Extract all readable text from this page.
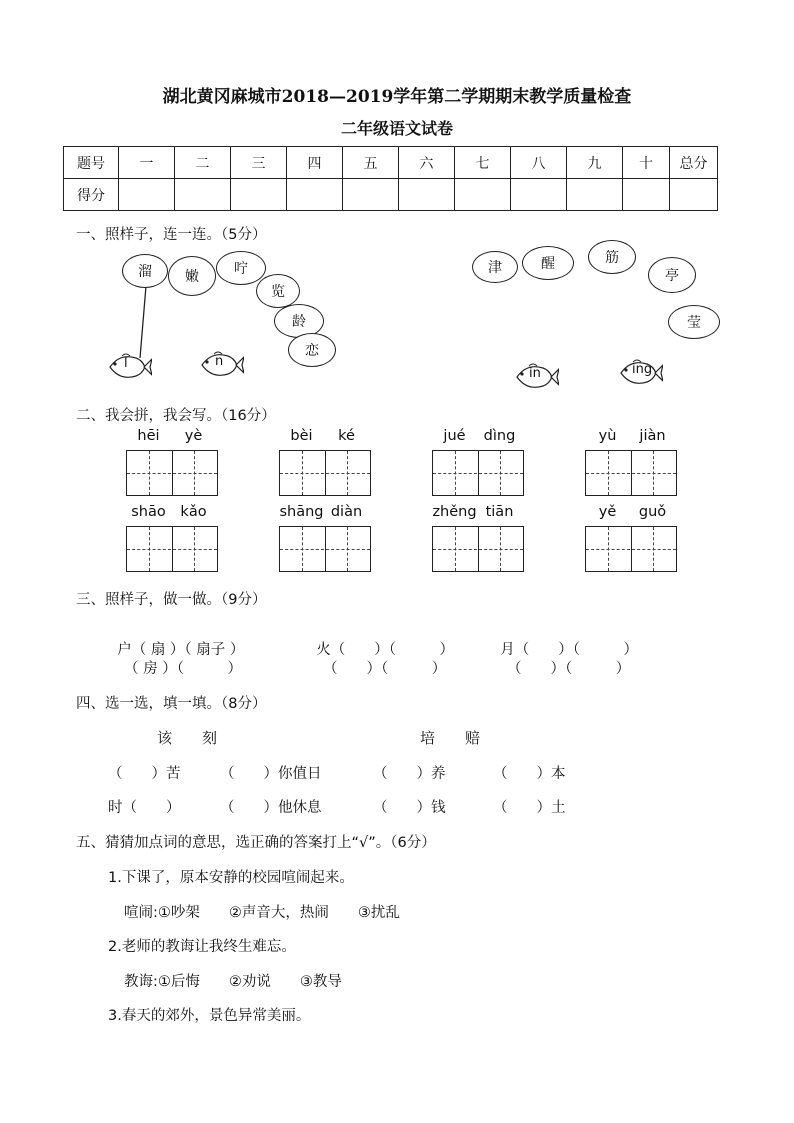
湖北黄冈麻城市2018—2019学年第二学期期末教学质量检查
二年级语文试卷
题号	一	二	三	四	五	六	七	八	九	十	总分
得分											
一、照样子，连一连。（5分）
溜	嫩	咛
览
龄
恋
津	醒	筋
亭
莹
l	n
in	ing
二、我会拼，我会写。（16分）
hēi	yè	bèi	ké	jué	dìng	yù	jiàn
shāo	kǎo	shāng diàn	zhěng tiān	yě	guǒ
三、照样子，做一做。（9分）

户（ 扇 ）（ 扇子 ）	火（　　）（　　　）	月（　　）（　　　）

（ 房 ）（　　　）	（　　）（　　　）	（　　）（　　　）
四、选一选，填一填。（8分）
该　　刻	培　　赔
（　　）苦	（　　）你值日	（　　）养	（　　）本
时（　　）	（　　）他休息	（　　）钱	（　　）土
五、猜猜加点词的意思，选正确的答案打上“√”。（6分）
1.下课了，原本安静的校园喧闹起来。
喧闹:①吵架　　②声音大，热闹　　③扰乱
2.老师的教诲让我终生难忘。
教诲:①后悔　　②劝说　　③教导
3.春天的郊外，景色异常美丽。
